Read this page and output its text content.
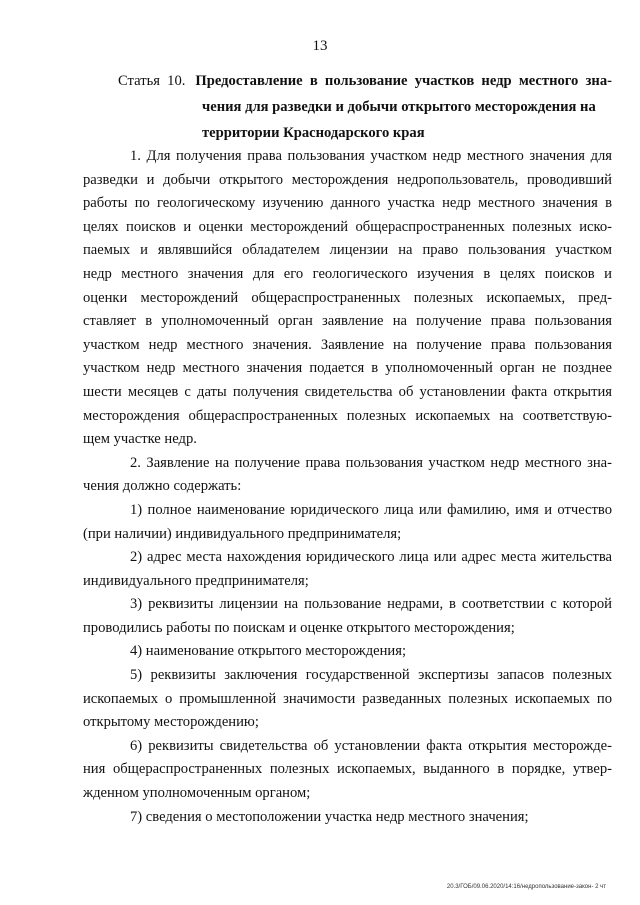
13
Статья 10. Предоставление в пользование участков недр местного зна-
чения для разведки и добычи открытого месторождения на
территории Краснодарского края
1. Для получения права пользования участком недр местного значения для
разведки и добычи открытого месторождения недропользователь, проводивший
работы по геологическому изучению данного участка недр местного значения в
целях поисков и оценки месторождений общераспространенных полезных иско-
паемых и являвшийся обладателем лицензии на право пользования участком
недр местного значения для его геологического изучения в целях поисков и
оценки месторождений общераспространенных полезных ископаемых, пред-
ставляет в уполномоченный орган заявление на получение права пользования
участком недр местного значения. Заявление на получение права пользования
участком недр местного значения подается в уполномоченный орган не позднее
шести месяцев с даты получения свидетельства об установлении факта открытия
месторождения общераспространенных полезных ископаемых на соответствую-
щем участке недр.
2. Заявление на получение права пользования участком недр местного зна-
чения должно содержать:
1) полное наименование юридического лица или фамилию, имя и отчество
(при наличии) индивидуального предпринимателя;
2) адрес места нахождения юридического лица или адрес места жительства
индивидуального предпринимателя;
3) реквизиты лицензии на пользование недрами, в соответствии с которой
проводились работы по поискам и оценке открытого месторождения;
4) наименование открытого месторождения;
5) реквизиты заключения государственной экспертизы запасов полезных
ископаемых о промышленной значимости разведанных полезных ископаемых по
открытому месторождению;
6) реквизиты свидетельства об установлении факта открытия месторожде-
ния общераспространенных полезных ископаемых, выданного в порядке, утвер-
жденном уполномоченным органом;
7) сведения о местоположении участка недр местного значения;
20.3/ГОБ/09.06.2020/14:16/недропользование-закон- 2 чт
